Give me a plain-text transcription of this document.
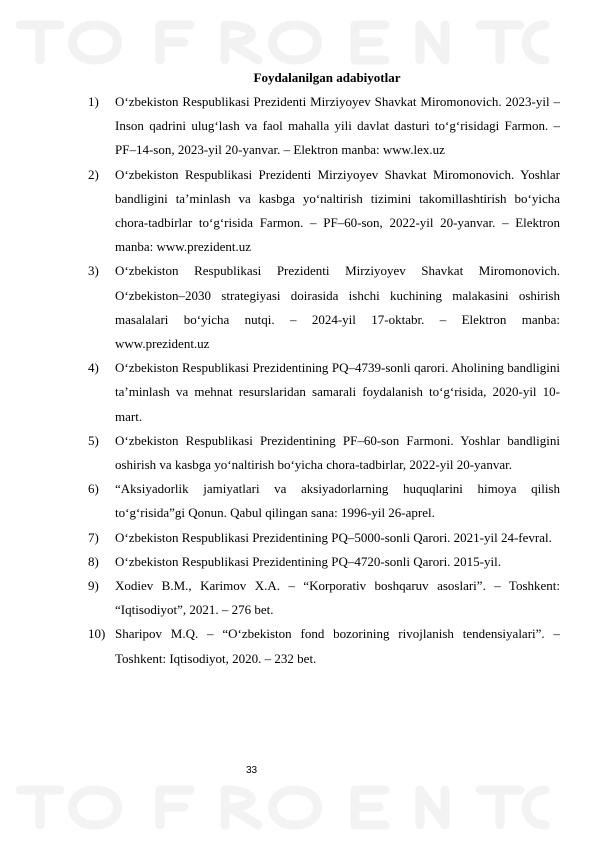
Foydalanilgan adabiyotlar
1) O‘zbekiston Respublikasi Prezidenti Mirziyoyev Shavkat Miromonovich. 2023-yil – Inson qadrini ulug‘lash va faol mahalla yili davlat dasturi to‘g‘risidagi Farmon. – PF–14-son, 2023-yil 20-yanvar. – Elektron manba: www.lex.uz
2) O‘zbekiston Respublikasi Prezidenti Mirziyoyev Shavkat Miromonovich. Yoshlar bandligini ta’minlash va kasbga yo‘naltirish tizimini takomillashtirish bo‘yicha chora-tadbirlar to‘g‘risida Farmon. – PF–60-son, 2022-yil 20-yanvar. – Elektron manba: www.prezident.uz
3) O‘zbekiston Respublikasi Prezidenti Mirziyoyev Shavkat Miromonovich. O‘zbekiston–2030 strategiyasi doirasida ishchi kuchining malakasini oshirish masalalari bo‘yicha nutqi. – 2024-yil 17-oktabr. – Elektron manba: www.prezident.uz
4) O‘zbekiston Respublikasi Prezidentining PQ–4739-sonli qarori. Aholining bandligini ta’minlash va mehnat resurslaridan samarali foydalanish to‘g‘risida, 2020-yil 10-mart.
5) O‘zbekiston Respublikasi Prezidentining PF–60-son Farmoni. Yoshlar bandligini oshirish va kasbga yo‘naltirish bo‘yicha chora-tadbirlar, 2022-yil 20-yanvar.
6) “Aksiyadorlik jamiyatlari va aksiyadorlarning huquqlarini himoya qilish to‘g‘risida”gi Qonun. Qabul qilingan sana: 1996-yil 26-aprel.
7) O‘zbekiston Respublikasi Prezidentining PQ–5000-sonli Qarori. 2021-yil 24-fevral.
8) O‘zbekiston Respublikasi Prezidentining PQ–4720-sonli Qarori. 2015-yil.
9) Xodiev B.M., Karimov X.A. – “Korporativ boshqaruv asoslari”. – Toshkent: “Iqtisodiyot”, 2021. – 276 bet.
10) Sharipov M.Q. – “O‘zbekiston fond bozorining rivojlanish tendensiyalari”. – Toshkent: Iqtisodiyot, 2020. – 232 bet.
33
